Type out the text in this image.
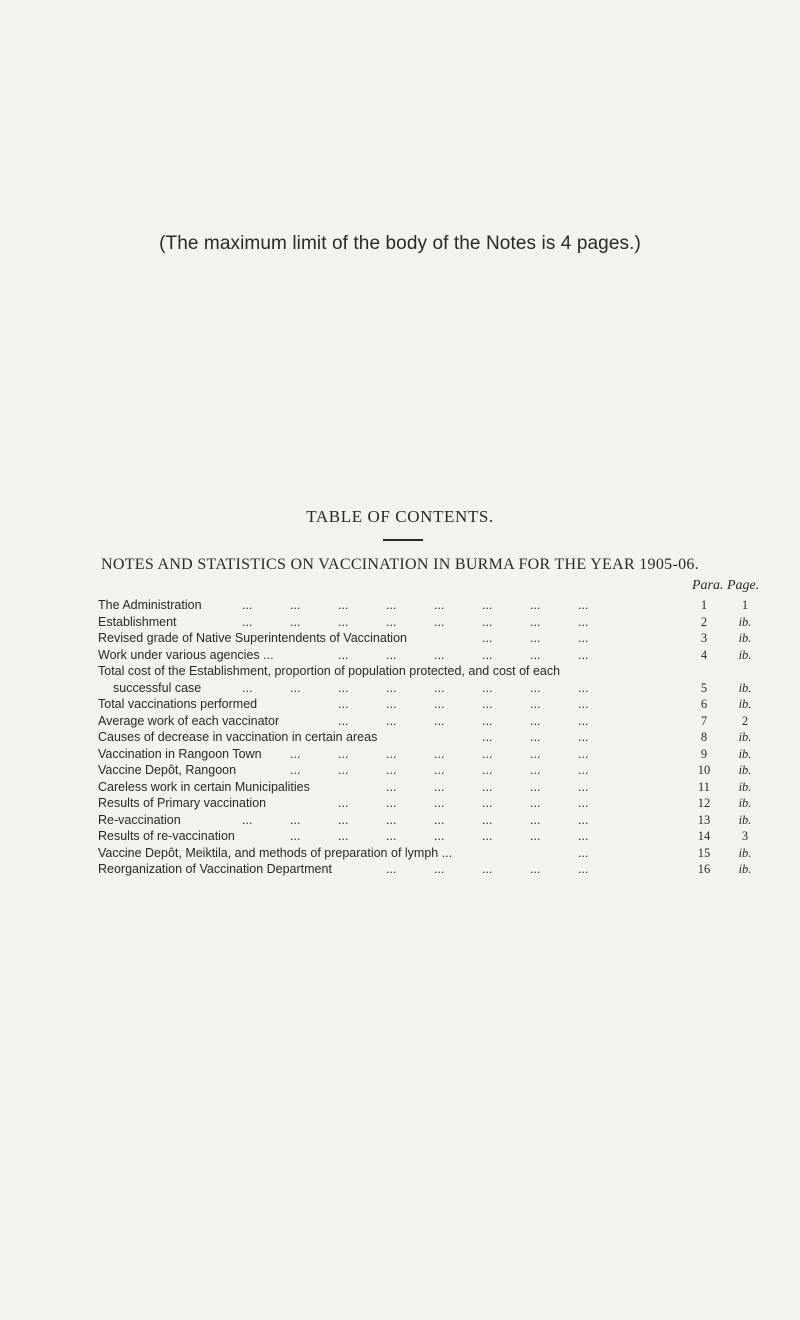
(The maximum limit of the body of the Notes is 4 pages.)
TABLE OF CONTENTS.
NOTES AND STATISTICS ON VACCINATION IN BURMA FOR THE YEAR 1905-06.
Para. Page.
The Administration	...	...	...	...	...	...	...	...	1	1
Establishment	...	...	...	...	...	...	...	...	2	ib.
Revised grade of Native Superintendents of Vaccination	...	...	...	3	ib.
Work under various agencies ...	...	...	...	...	...	...	4	ib.
Total cost of the Establishment, proportion of population protected, and cost of each
successful case	...	...	...	...	...	...	...	...	5	ib.
Total vaccinations performed	...	...	...	...	...	...	6	ib.
Average work of each vaccinator	...	...	...	...	...	...	7	2
Causes of decrease in vaccination in certain areas	...	...	...	8	ib.
Vaccination in Rangoon Town ...	...	...	...	...	...	...	9	ib.
Vaccine Depôt, Rangoon	...	...	...	...	...	...	...	10	ib.
Careless work in certain Municipalities	...	...	...	...	...	11	ib.
Results of Primary vaccination	...	...	...	...	...	...	12	ib.
Re-vaccination	...	...	...	...	...	...	...	...	13	ib.
Results of re-vaccination	...	...	...	...	...	...	...	14	3
Vaccine Depôt, Meiktila, and methods of preparation of lymph ...	...	15	ib.
Reorganization of Vaccination Department	...	...	...	...	...	16	ib.
